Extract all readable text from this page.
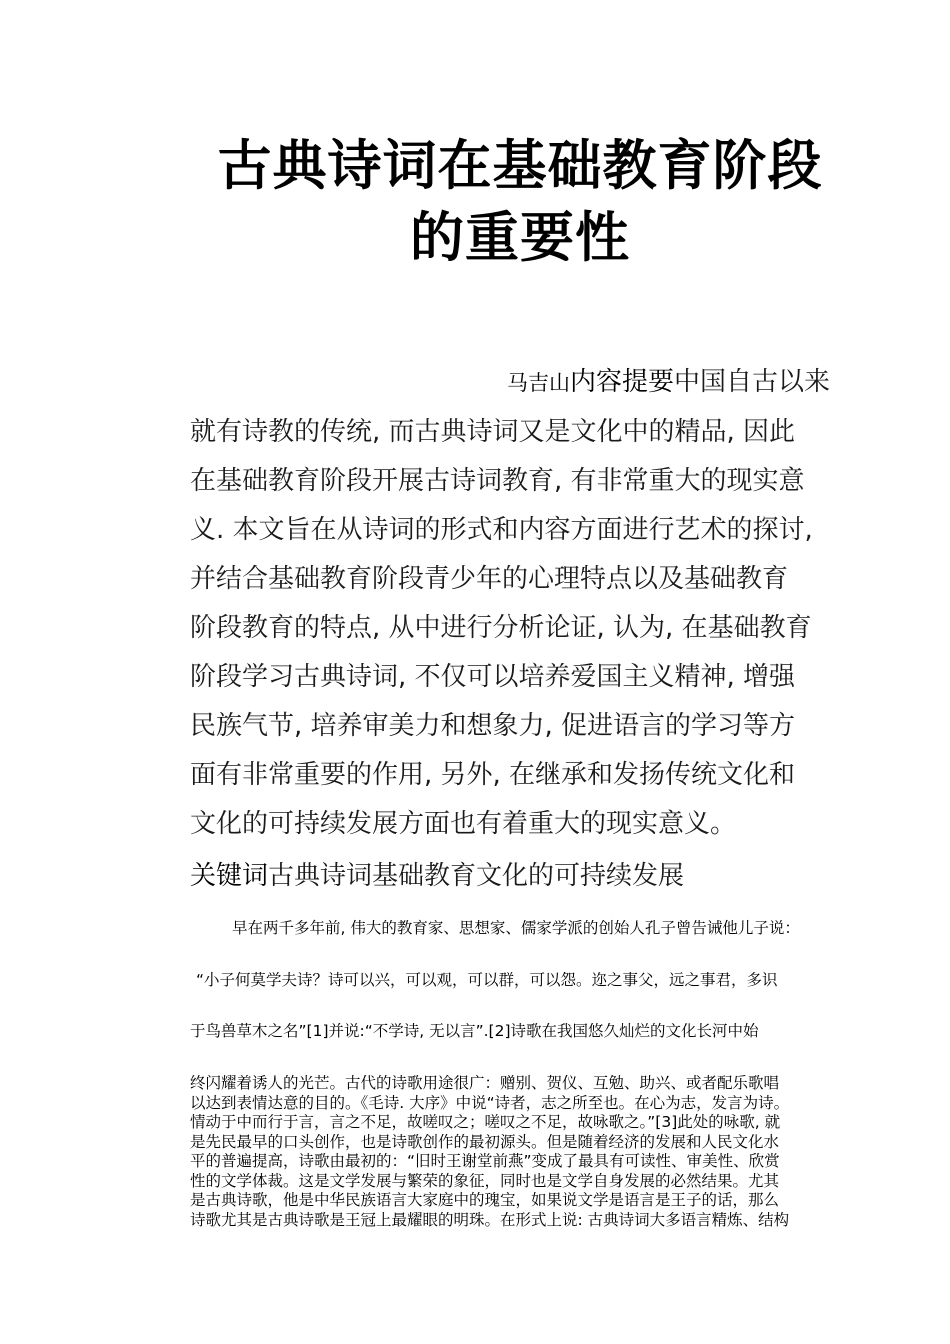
古典诗词在基础教育阶段
的重要性

马吉山内容提要中国自古以来

就有诗教的传统, 而古典诗词又是文化中的精品, 因此

在基础教育阶段开展古诗词教育, 有非常重大的现实意

义. 本文旨在从诗词的形式和内容方面进行艺术的探讨,

并结合基础教育阶段青少年的心理特点以及基础教育

阶段教育的特点, 从中进行分析论证, 认为, 在基础教育

阶段学习古典诗词, 不仅可以培养爱国主义精神, 增强

民族气节, 培养审美力和想象力, 促进语言的学习等方

面有非常重要的作用, 另外, 在继承和发扬传统文化和

文化的可持续发展方面也有着重大的现实意义。

关键词古典诗词基础教育文化的可持续发展

早在两千多年前, 伟大的教育家、思想家、儒家学派的创始人孔子曾告诫他儿子说：

“小子何莫学夫诗？诗可以兴，可以观，可以群，可以怨。迩之事父，远之事君，多识

于鸟兽草木之名”[1]并说:“不学诗, 无以言”.[2]诗歌在我国悠久灿烂的文化长河中始

终闪耀着诱人的光芒。古代的诗歌用途很广：赠别、贺仪、互勉、助兴、或者配乐歌唱
以达到表情达意的目的。《毛诗. 大序》中说“诗者，志之所至也。在心为志，发言为诗。
情动于中而行于言，言之不足，故嗟叹之；嗟叹之不足，故咏歌之。”[3]此处的咏歌, 就
是先民最早的口头创作，也是诗歌创作的最初源头。但是随着经济的发展和人民文化水
平的普遍提高，诗歌由最初的：“旧时王谢堂前燕”变成了最具有可读性、审美性、欣赏
性的文学体裁。这是文学发展与繁荣的象征，同时也是文学自身发展的必然结果。尤其
是古典诗歌，他是中华民族语言大家庭中的瑰宝，如果说文学是语言是王子的话，那么
诗歌尤其是古典诗歌是王冠上最耀眼的明珠。在形式上说: 古典诗词大多语言精炼、结构
